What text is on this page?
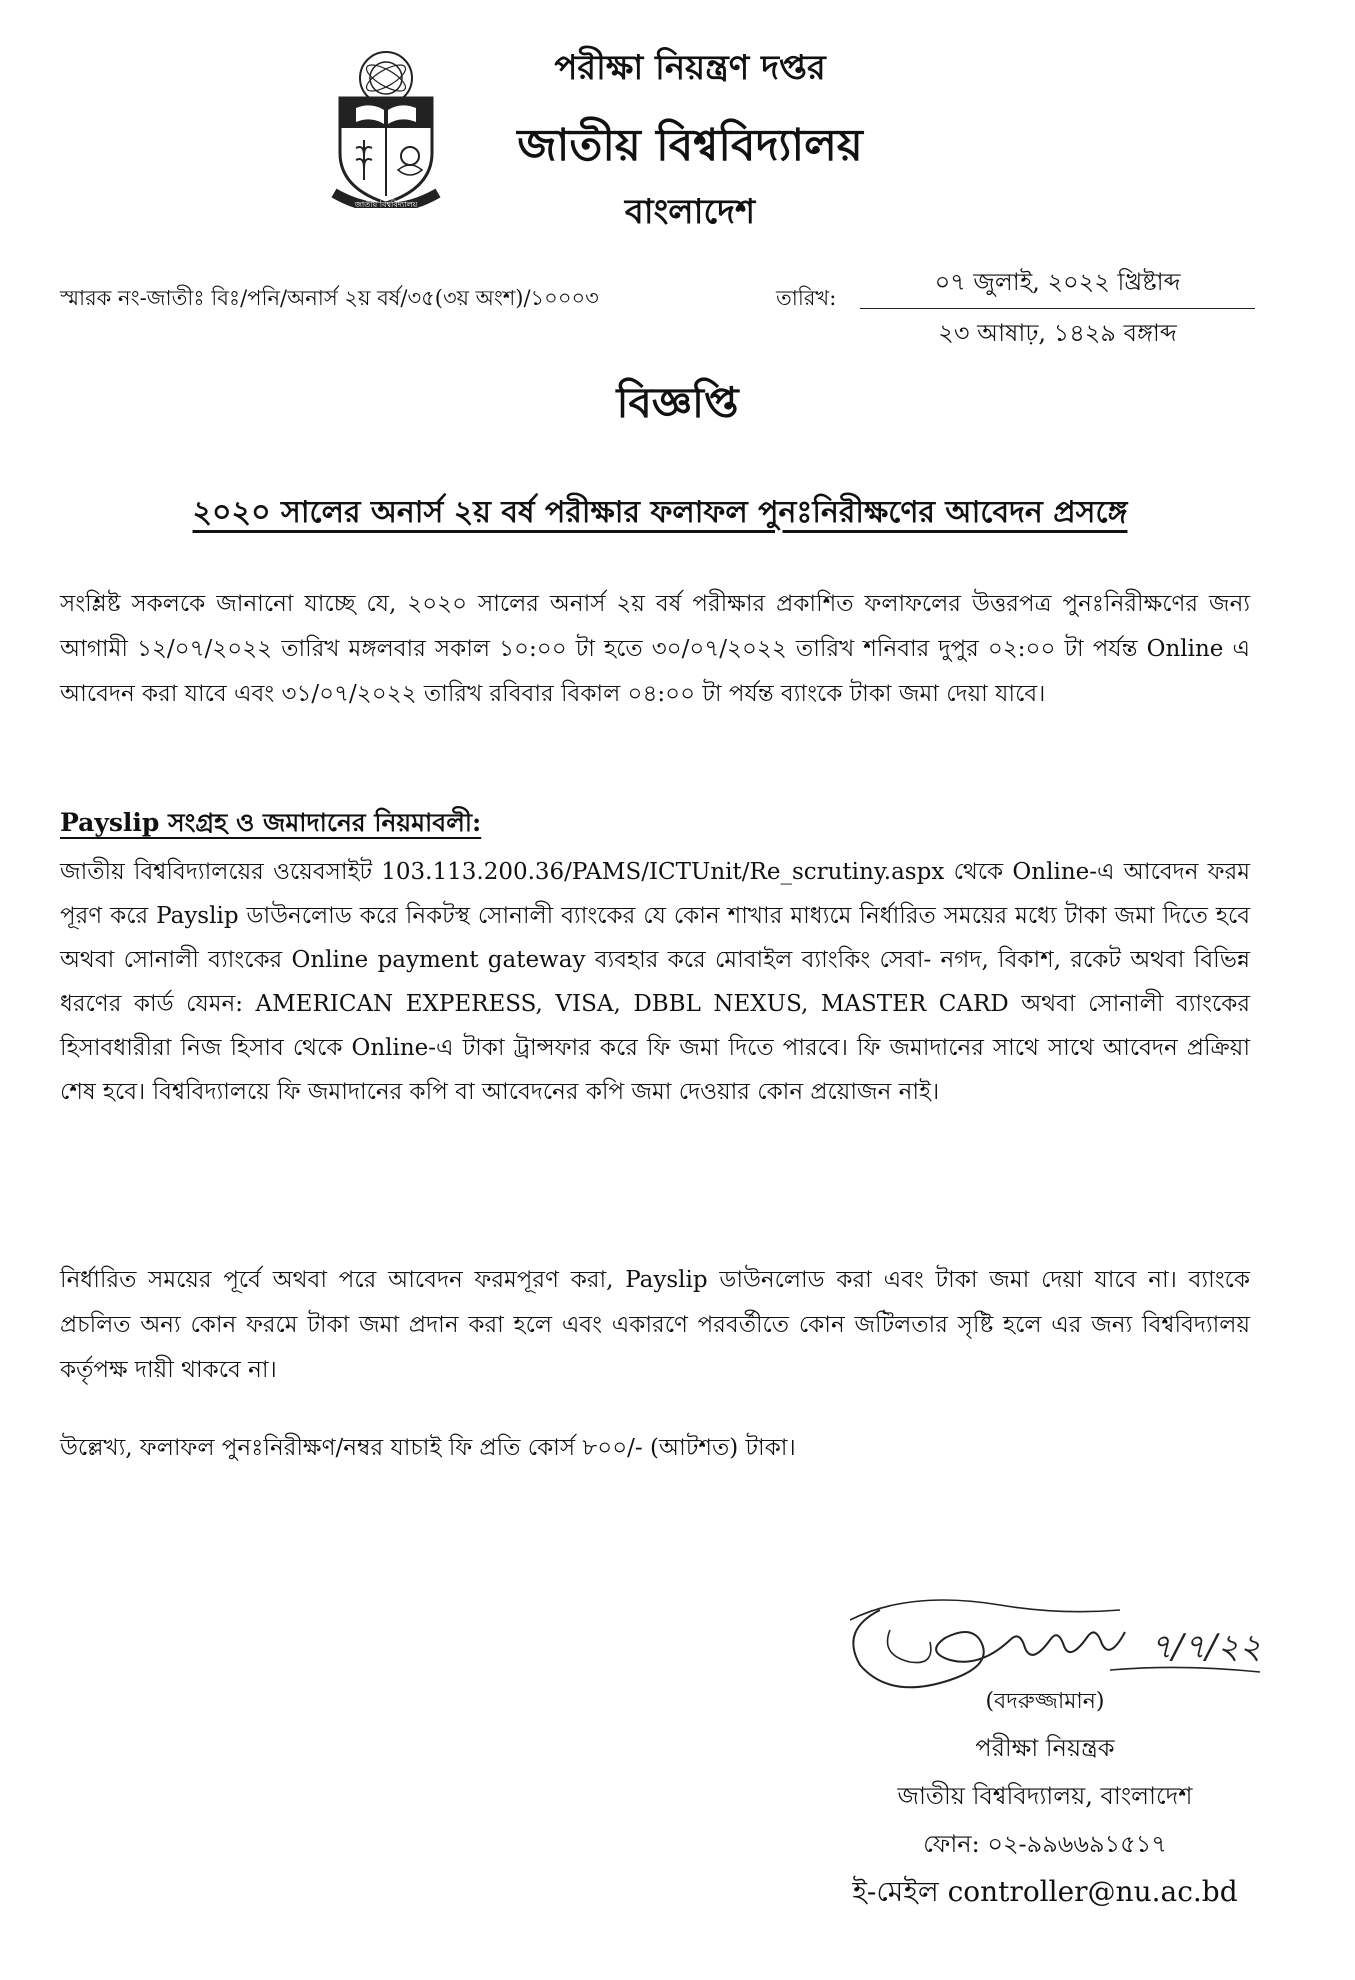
জাতীয় বিশ্ববিদ্যালয়
পরীক্ষা নিয়ন্ত্রণ দপ্তর
জাতীয় বিশ্ববিদ্যালয়
বাংলাদেশ
স্মারক নং-জাতীঃ বিঃ/পনি/অনার্স ২য় বর্ষ/৩৫(৩য় অংশ)/১০০০৩	তারিখ:
০৭ জুলাই, ২০২২ খ্রিষ্টাব্দ
২৩ আষাঢ়, ১৪২৯ বঙ্গাব্দ
বিজ্ঞপ্তি
২০২০ সালের অনার্স ২য় বর্ষ পরীক্ষার ফলাফল পুনঃনিরীক্ষণের আবেদন প্রসঙ্গে
সংশ্লিষ্ট সকলকে জানানো যাচ্ছে যে, ২০২০ সালের অনার্স ২য় বর্ষ পরীক্ষার প্রকাশিত ফলাফলের উত্তরপত্র পুনঃনিরীক্ষণের জন্য আগামী ১২/০৭/২০২২ তারিখ মঙ্গলবার সকাল ১০:০০ টা হতে ৩০/০৭/২০২২ তারিখ শনিবার দুপুর ০২:০০ টা পর্যন্ত Online এ আবেদন করা যাবে এবং ৩১/০৭/২০২২ তারিখ রবিবার বিকাল ০৪:০০ টা পর্যন্ত ব্যাংকে টাকা জমা দেয়া যাবে।
Payslip সংগ্রহ ও জমাদানের নিয়মাবলী:
জাতীয় বিশ্ববিদ্যালয়ের ওয়েবসাইট 103.113.200.36/PAMS/ICTUnit/Re_scrutiny.aspx থেকে Online-এ আবেদন ফরম পূরণ করে Payslip ডাউনলোড করে নিকটস্থ সোনালী ব্যাংকের যে কোন শাখার মাধ্যমে নির্ধারিত সময়ের মধ্যে টাকা জমা দিতে হবে অথবা সোনালী ব্যাংকের Online payment gateway ব্যবহার করে মোবাইল ব্যাংকিং সেবা- নগদ, বিকাশ, রকেট অথবা বিভিন্ন ধরণের কার্ড যেমন: AMERICAN EXPERESS, VISA, DBBL NEXUS, MASTER CARD অথবা সোনালী ব্যাংকের হিসাবধারীরা নিজ হিসাব থেকে Online-এ টাকা ট্রান্সফার করে ফি জমা দিতে পারবে। ফি জমাদানের সাথে সাথে আবেদন প্রক্রিয়া শেষ হবে। বিশ্ববিদ্যালয়ে ফি জমাদানের কপি বা আবেদনের কপি জমা দেওয়ার কোন প্রয়োজন নাই।
নির্ধারিত সময়ের পূর্বে অথবা পরে আবেদন ফরমপূরণ করা, Payslip ডাউনলোড করা এবং টাকা জমা দেয়া যাবে না। ব্যাংকে প্রচলিত অন্য কোন ফরমে টাকা জমা প্রদান করা হলে এবং একারণে পরবর্তীতে কোন জটিলতার সৃষ্টি হলে এর জন্য বিশ্ববিদ্যালয় কর্তৃপক্ষ দায়ী থাকবে না।
উল্লেখ্য, ফলাফল পুনঃনিরীক্ষণ/নম্বর যাচাই ফি প্রতি কোর্স ৮০০/- (আটশত) টাকা।
৭/৭/২২
(বদরুজ্জামান)
পরীক্ষা নিয়ন্ত্রক
জাতীয় বিশ্ববিদ্যালয়, বাংলাদেশ
ফোন: ০২-৯৯৬৬৯১৫১৭
ই-মেইল controller@nu.ac.bd
